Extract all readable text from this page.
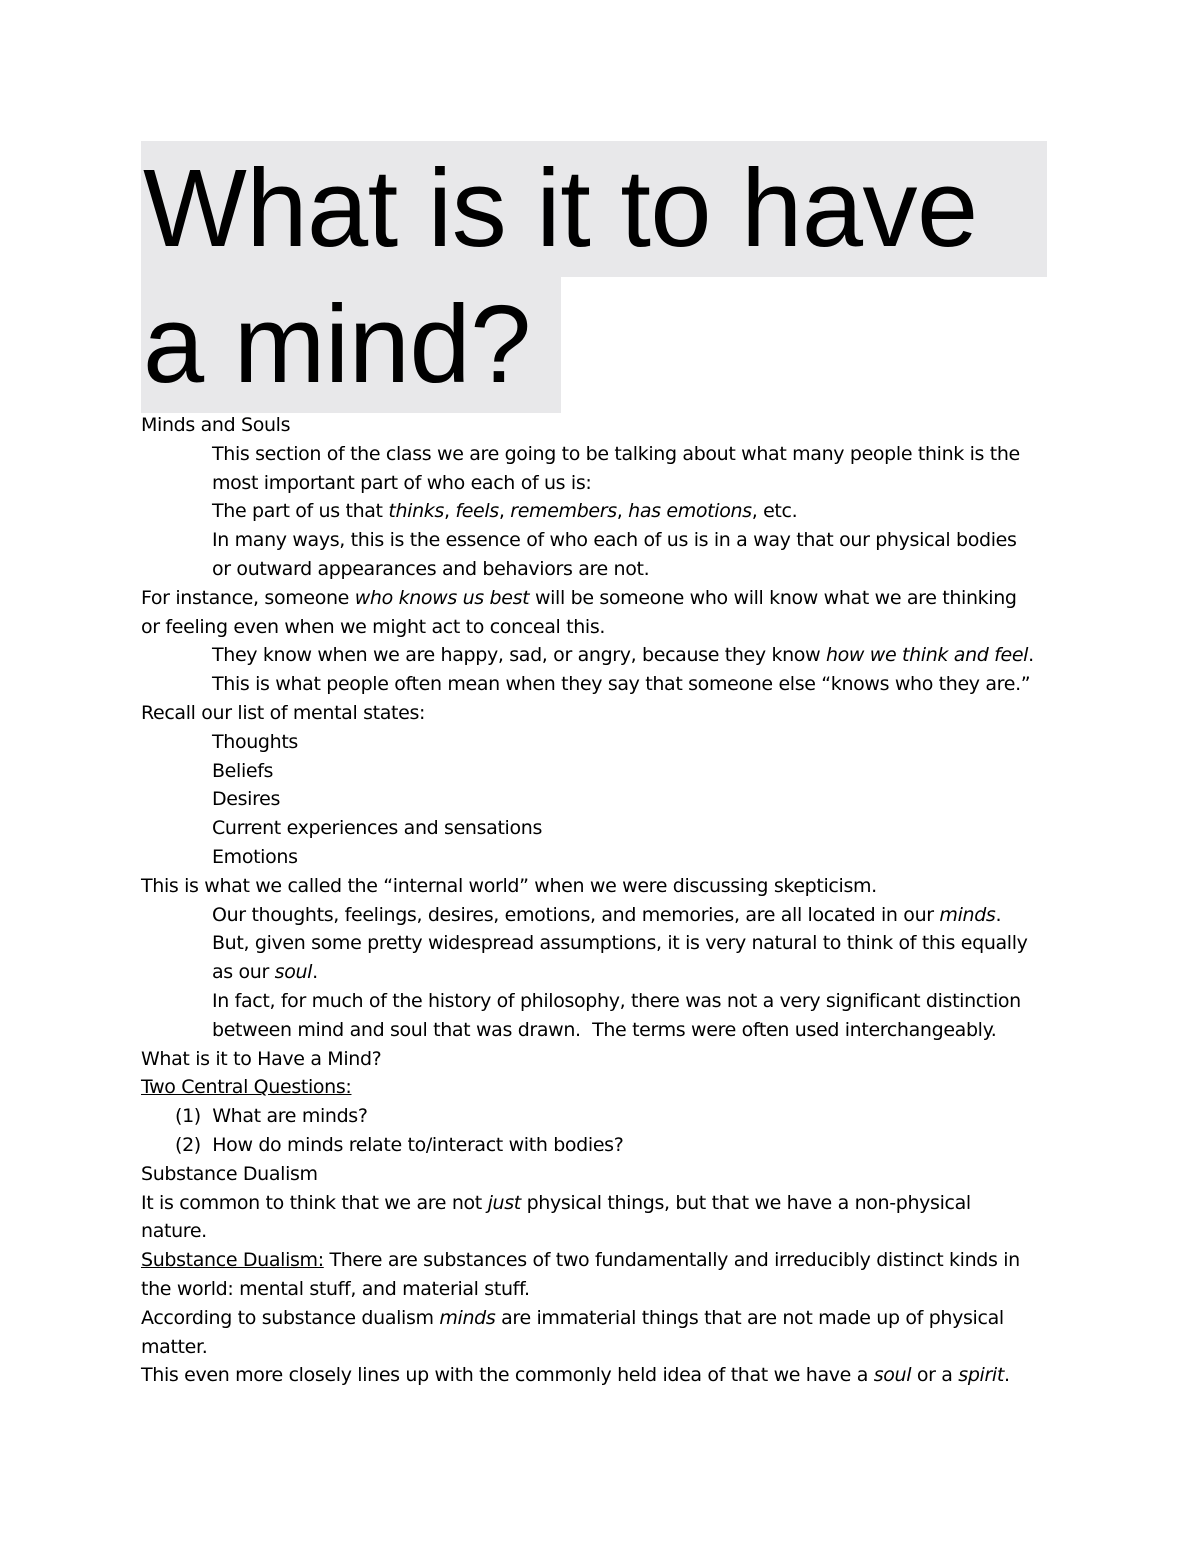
What is it to have
a mind?
Minds and Souls
This section of the class we are going to be talking about what many people think is the
most important part of who each of us is:
The part of us that thinks, feels, remembers, has emotions, etc.
In many ways, this is the essence of who each of us is in a way that our physical bodies
or outward appearances and behaviors are not.
For instance, someone who knows us best will be someone who will know what we are thinking
or feeling even when we might act to conceal this.
They know when we are happy, sad, or angry, because they know how we think and feel.
This is what people often mean when they say that someone else “knows who they are.”
Recall our list of mental states:
Thoughts
Beliefs
Desires
Current experiences and sensations
Emotions
This is what we called the “internal world” when we were discussing skepticism.
Our thoughts, feelings, desires, emotions, and memories, are all located in our minds.
But, given some pretty widespread assumptions, it is very natural to think of this equally
as our soul.
In fact, for much of the history of philosophy, there was not a very significant distinction
between mind and soul that was drawn.  The terms were often used interchangeably.
What is it to Have a Mind?
Two Central Questions:
(1)  What are minds?
(2)  How do minds relate to/interact with bodies?
Substance Dualism
It is common to think that we are not just physical things, but that we have a non-physical
nature.
Substance Dualism: There are substances of two fundamentally and irreducibly distinct kinds in
the world: mental stuff, and material stuff.
According to substance dualism minds are immaterial things that are not made up of physical
matter.
This even more closely lines up with the commonly held idea of that we have a soul or a spirit.
